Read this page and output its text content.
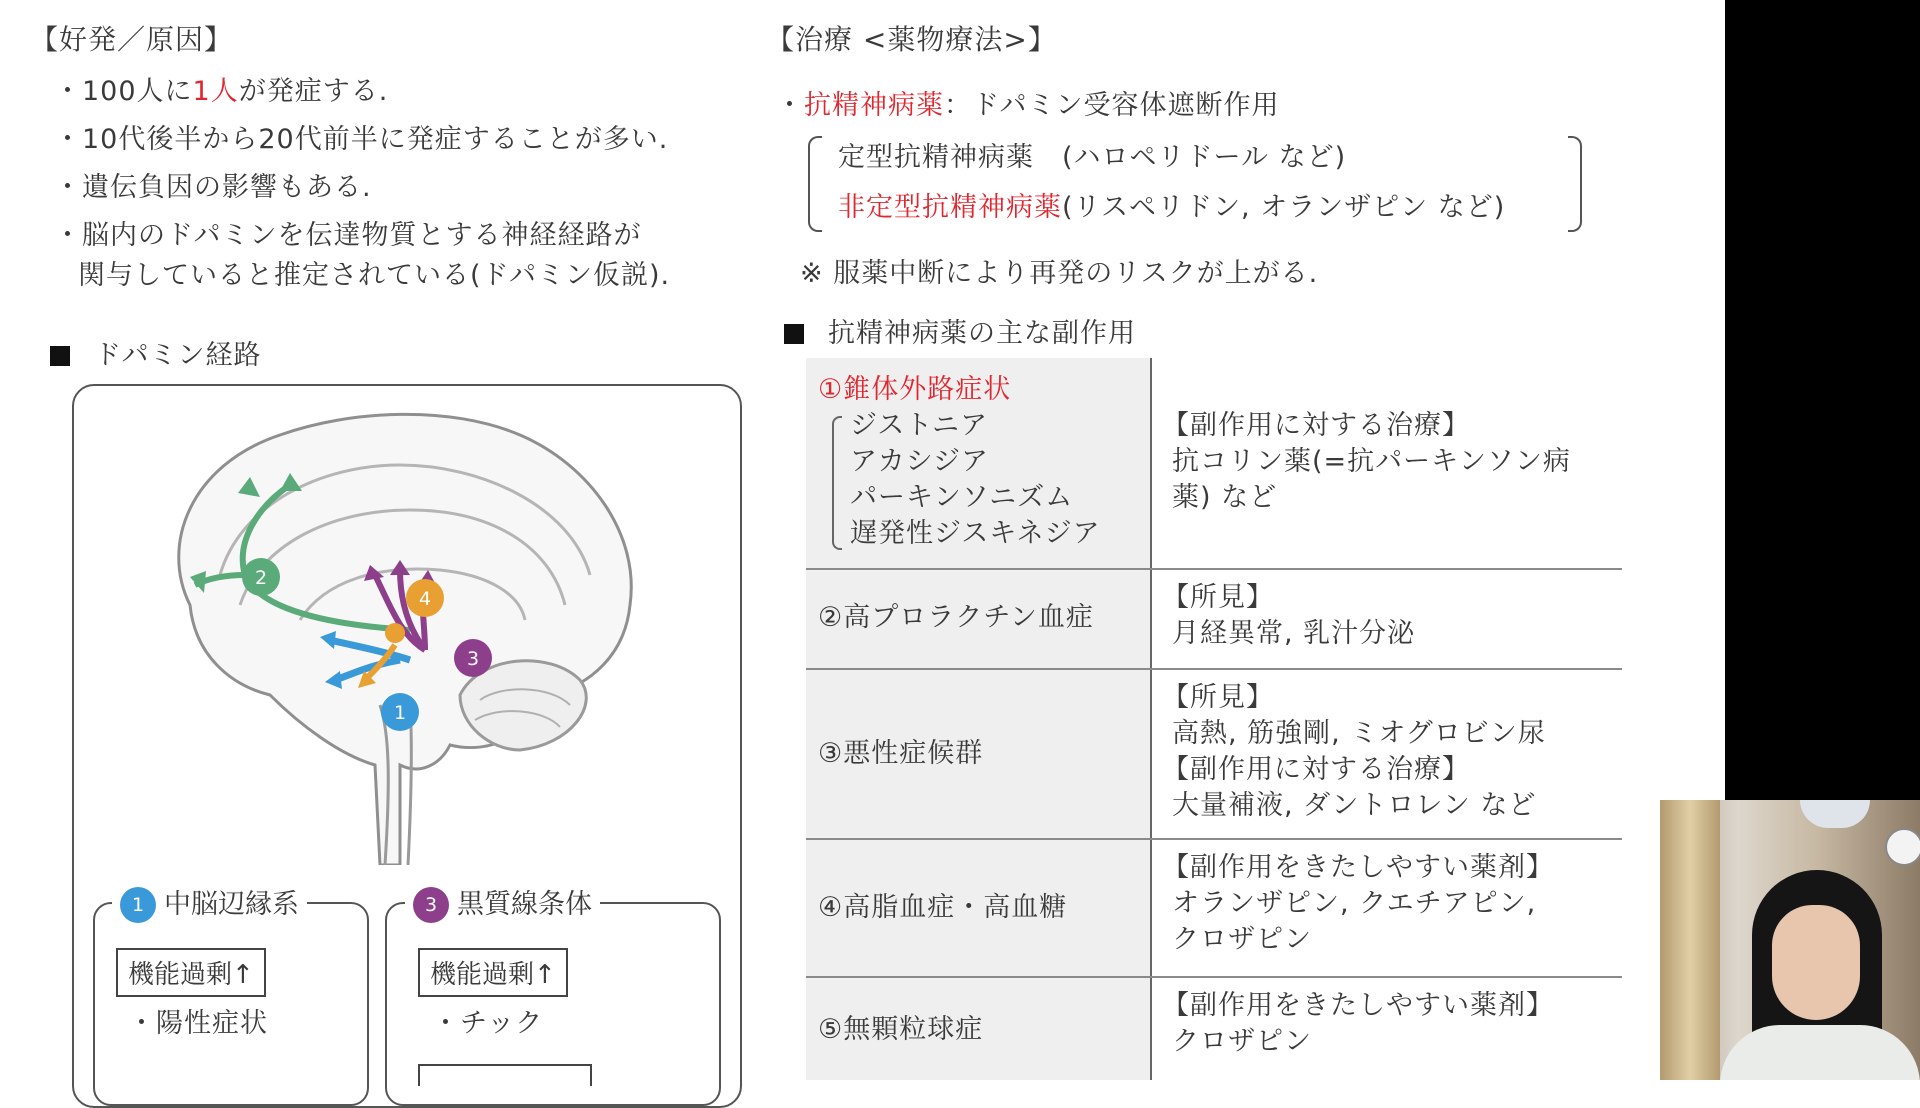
【好発／原因】
・100人に1人が発症する.
・10代後半から20代前半に発症することが多い.
・遺伝負因の影響もある.
・脳内のドパミンを伝達物質とする神経経路が
関与していると推定されている(ドパミン仮説).
ドパミン経路
1
2
3
4
1 中脳辺縁系
機能過剰↑
・陽性症状
3 黒質線条体
機能過剰↑
・チック
【治療 <薬物療法>】
・抗精神病薬：ドパミン受容体遮断作用
定型抗精神病薬　(ハロペリドール など)
非定型抗精神病薬(リスペリドン, オランザピン など)
※ 服薬中断により再発のリスクが上がる.
抗精神病薬の主な副作用
①錐体外路症状
ジストニア
アカシジア
パーキンソニズム
遅発性ジスキネジア
【副作用に対する治療】
抗コリン薬(=抗パーキンソン病
薬) など
②高プロラクチン血症
【所見】
月経異常, 乳汁分泌
③悪性症候群
【所見】
高熱, 筋強剛, ミオグロビン尿
【副作用に対する治療】
大量補液, ダントロレン など
④高脂血症・高血糖
【副作用をきたしやすい薬剤】
オランザピン, クエチアピン,
クロザピン
⑤無顆粒球症
【副作用をきたしやすい薬剤】
クロザピン
